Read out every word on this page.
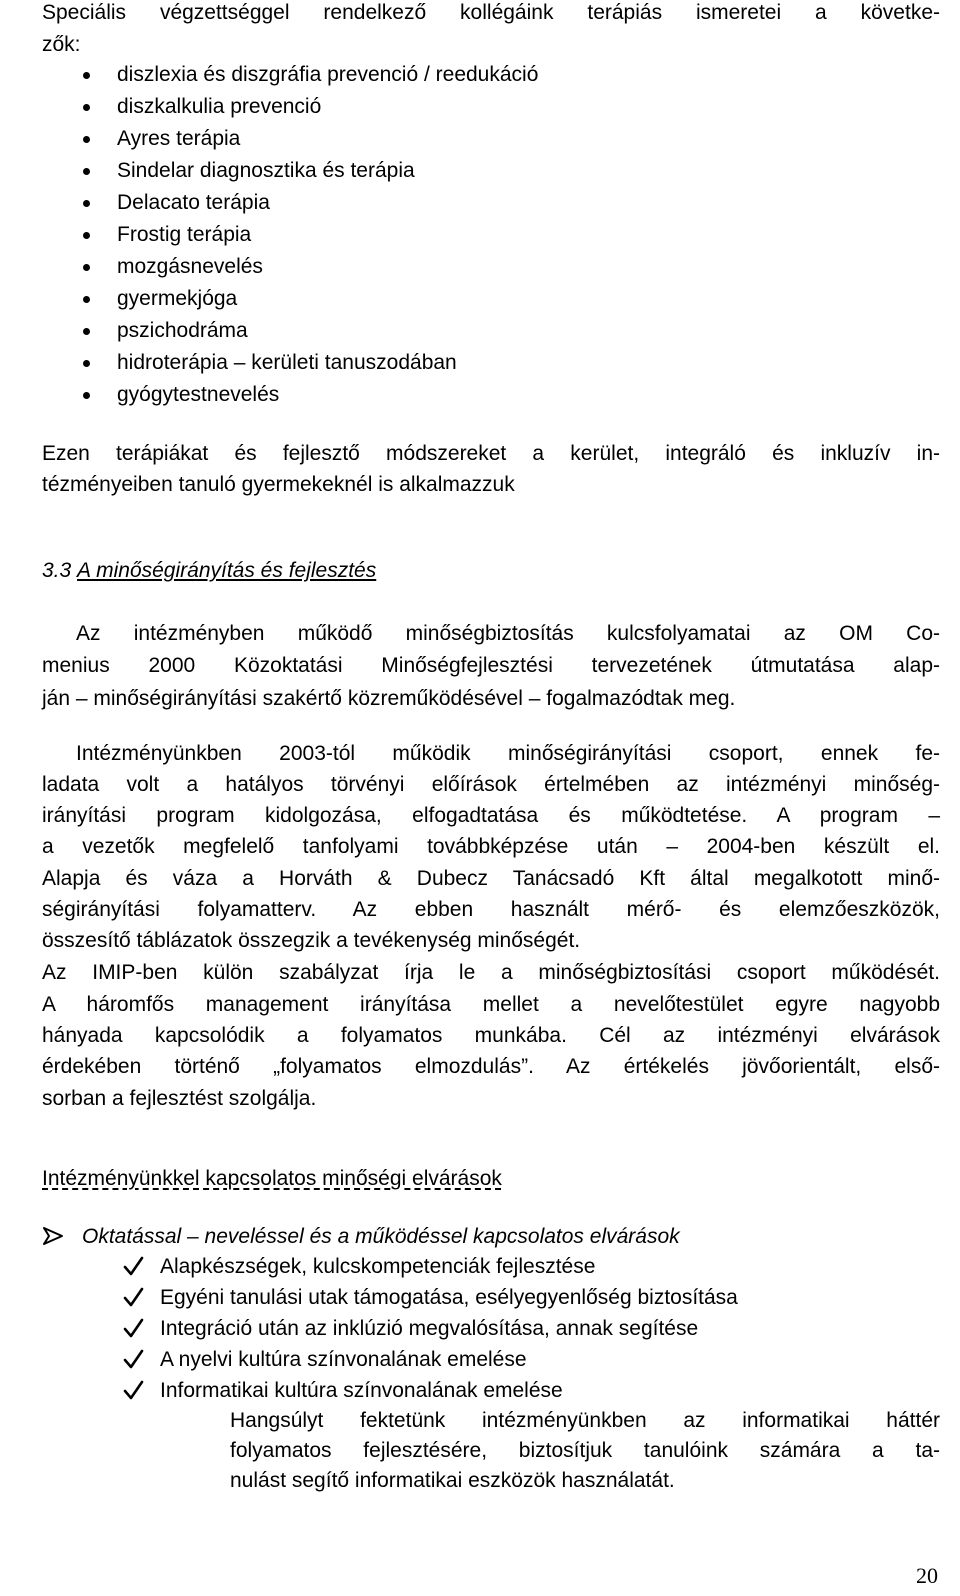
Speciális végzettséggel rendelkező kollégáink terápiás ismeretei a követke-
zők:
diszlexia és diszgráfia prevenció / reedukáció
diszkalkulia prevenció
Ayres terápia
Sindelar diagnosztika és terápia
Delacato terápia
Frostig terápia
mozgásnevelés
gyermekjóga
pszichodráma
hidroterápia – kerületi tanuszodában
gyógytestnevelés
Ezen terápiákat és fejlesztő módszereket a kerület, integráló és inkluzív in-
tézményeiben tanuló gyermekeknél is alkalmazzuk
3.3 A minőségirányítás és fejlesztés
Az intézményben működő minőségbiztosítás kulcsfolyamatai az OM Co-
menius 2000 Közoktatási Minőségfejlesztési tervezetének útmutatása alap-
ján – minőségirányítási szakértő közreműködésével – fogalmazódtak meg.
Intézményünkben 2003-tól működik minőségirányítási csoport, ennek fe-
ladata volt a hatályos törvényi előírások értelmében az intézményi minőség-
irányítási program kidolgozása, elfogadtatása és működtetése. A program –
a vezetők megfelelő tanfolyami továbbképzése után – 2004-ben készült el.
Alapja és váza a Horváth & Dubecz Tanácsadó Kft által megalkotott minő-
ségirányítási folyamatterv. Az ebben használt mérő- és elemzőeszközök,
összesítő táblázatok összegzik a tevékenység minőségét.
Az IMIP-ben külön szabályzat írja le a minőségbiztosítási csoport működését.
A háromfős management irányítása mellet a nevelőtestület egyre nagyobb
hányada kapcsolódik a folyamatos munkába. Cél az intézményi elvárások
érdekében történő „folyamatos elmozdulás”. Az értékelés jövőorientált, első-
sorban a fejlesztést szolgálja.
Intézményünkkel kapcsolatos minőségi elvárások
Oktatással – neveléssel és a működéssel kapcsolatos elvárások
Alapkészségek, kulcskompetenciák fejlesztése
Egyéni tanulási utak támogatása, esélyegyenlőség biztosítása
Integráció után az inklúzió megvalósítása, annak segítése
A nyelvi kultúra színvonalának emelése
Informatikai kultúra színvonalának emelése
Hangsúlyt fektetünk intézményünkben az informatikai háttér
folyamatos fejlesztésére, biztosítjuk tanulóink számára a ta-
nulást segítő informatikai eszközök használatát.
20
